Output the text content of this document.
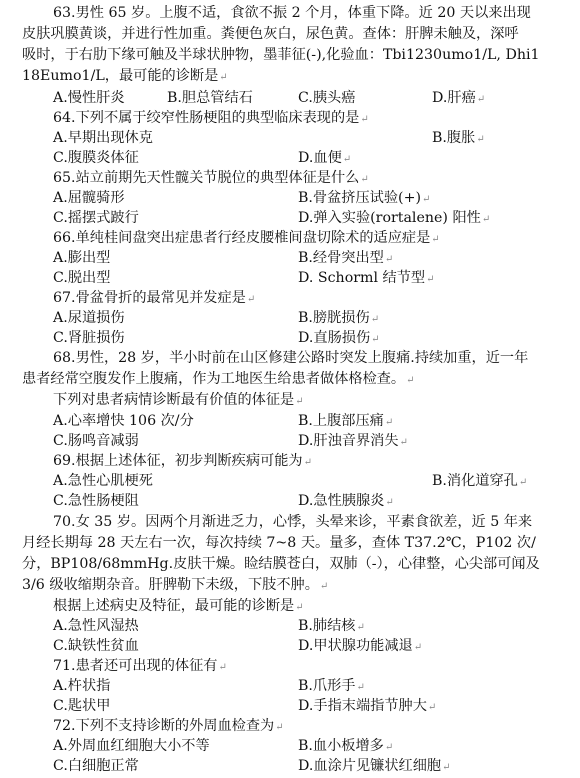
63.男性 65 岁。上腹不适，食欲不振 2 个月，体重下降。近 20 天以来出现
皮肤巩膜黄谈，并进行性加重。粪便色灰白，尿色黄。查体：肝脾未触及，深呼
吸时，于右肋下缘可触及半球状肿物，墨菲征(-),化验血：Tbi1230umo1/L, Dhi1
18Eumo1/L，最可能的诊断是↵
A.慢性肝炎	B.胆总管结石	C.胰头癌	D.肝癌↵
64.下列不属于绞窄性肠梗阻的典型临床表现的是↵
A.早期出现休克	B.腹胀↵
C.腹膜炎体征	D.血便↵
65.站立前期先天性髋关节脱位的典型体征是什么↵
A.屈髋骑形	B.骨盆挤压试验(+)↵
C.摇摆式跛行	D.弹入实验(rortalene) 阳性↵
66.单纯桂间盘突出症患者行经皮腰椎间盘切除术的适应症是↵
A.膨出型	B.经骨突出型↵
C.脱出型	D. Schorml 结节型↵
67.骨盆骨折的最常见并发症是↵
A.尿道损伤	B.膀胱损伤↵
C.肾脏损伤	D.直肠损伤↵
68.男性，28 岁，半小时前在山区修建公路时突发上腹痛.持续加重，近一年
患者经常空腹发作上腹痛，作为工地医生给患者做体格检查。↵
下列对患者病情诊断最有价值的体征是↵
A.心率增快 106 次/分	B.上腹部压痛↵
C.肠鸣音减弱	D.肝浊音界消失↵
69.根据上述体征，初步判断疾病可能为↵
A.急性心肌梗死	B.消化道穿孔↵
C.急性肠梗阻	D.急性胰腺炎↵
70.女 35 岁。因两个月渐进乏力，心悸，头晕来诊，平素食欲差，近 5 年来
月经长期每 28 天左右一次，每次持续 7~8 天。量多，查体 T37.2℃，P102 次/
分，BP108/68mmHg.皮肤干燥。睑结膜苍白，双肺（-），心律整，心尖部可闻及
3/6 级收缩期杂音。肝脾勒下未级，下肢不肿。↵
根据上述病史及特征，最可能的诊断是↵
A.急性风湿热	B.肺结核↵
C.缺铁性贫血	D.甲状腺功能减退↵
71.患者还可出现的体征有↵
A.杵状指	B.爪形手↵
C.匙状甲	D.手指末端指节肿大↵
72.下列不支持诊断的外周血检查为↵
A.外周血红细胞大小不等	B.血小板增多↵
C.白细胞正常	D.血涂片见镰状红细胞↵
